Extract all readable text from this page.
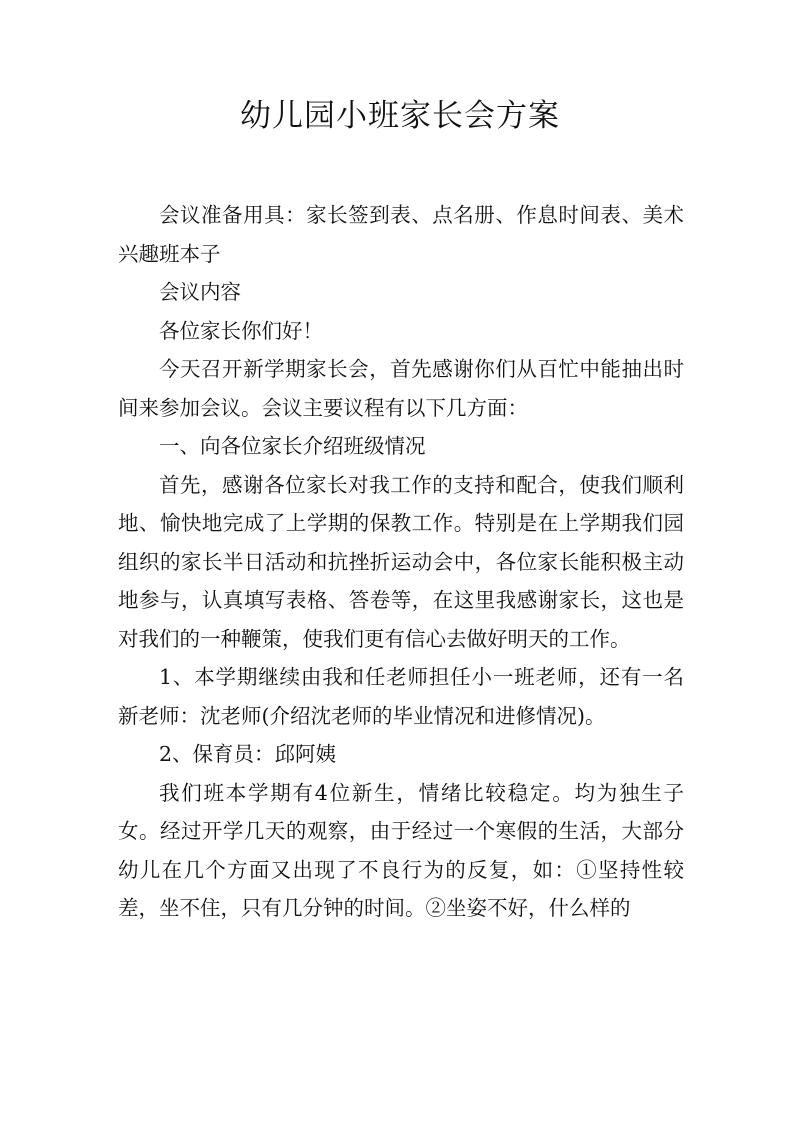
幼儿园小班家长会方案

会议准备用具：家长签到表、点名册、作息时间表、美术兴趣班本子

会议内容

各位家长你们好！

今天召开新学期家长会，首先感谢你们从百忙中能抽出时间来参加会议。会议主要议程有以下几方面：

一、向各位家长介绍班级情况

首先，感谢各位家长对我工作的支持和配合，使我们顺利地、愉快地完成了上学期的保教工作。特别是在上学期我们园组织的家长半日活动和抗挫折运动会中，各位家长能积极主动地参与，认真填写表格、答卷等，在这里我感谢家长，这也是对我们的一种鞭策，使我们更有信心去做好明天的工作。

1、本学期继续由我和任老师担任小一班老师，还有一名新老师：沈老师(介绍沈老师的毕业情况和进修情况)。

2、保育员：邱阿姨

我们班本学期有4位新生，情绪比较稳定。均为独生子女。经过开学几天的观察，由于经过一个寒假的生活，大部分幼儿在几个方面又出现了不良行为的反复，如：①坚持性较差，坐不住，只有几分钟的时间。②坐姿不好，什么样的
